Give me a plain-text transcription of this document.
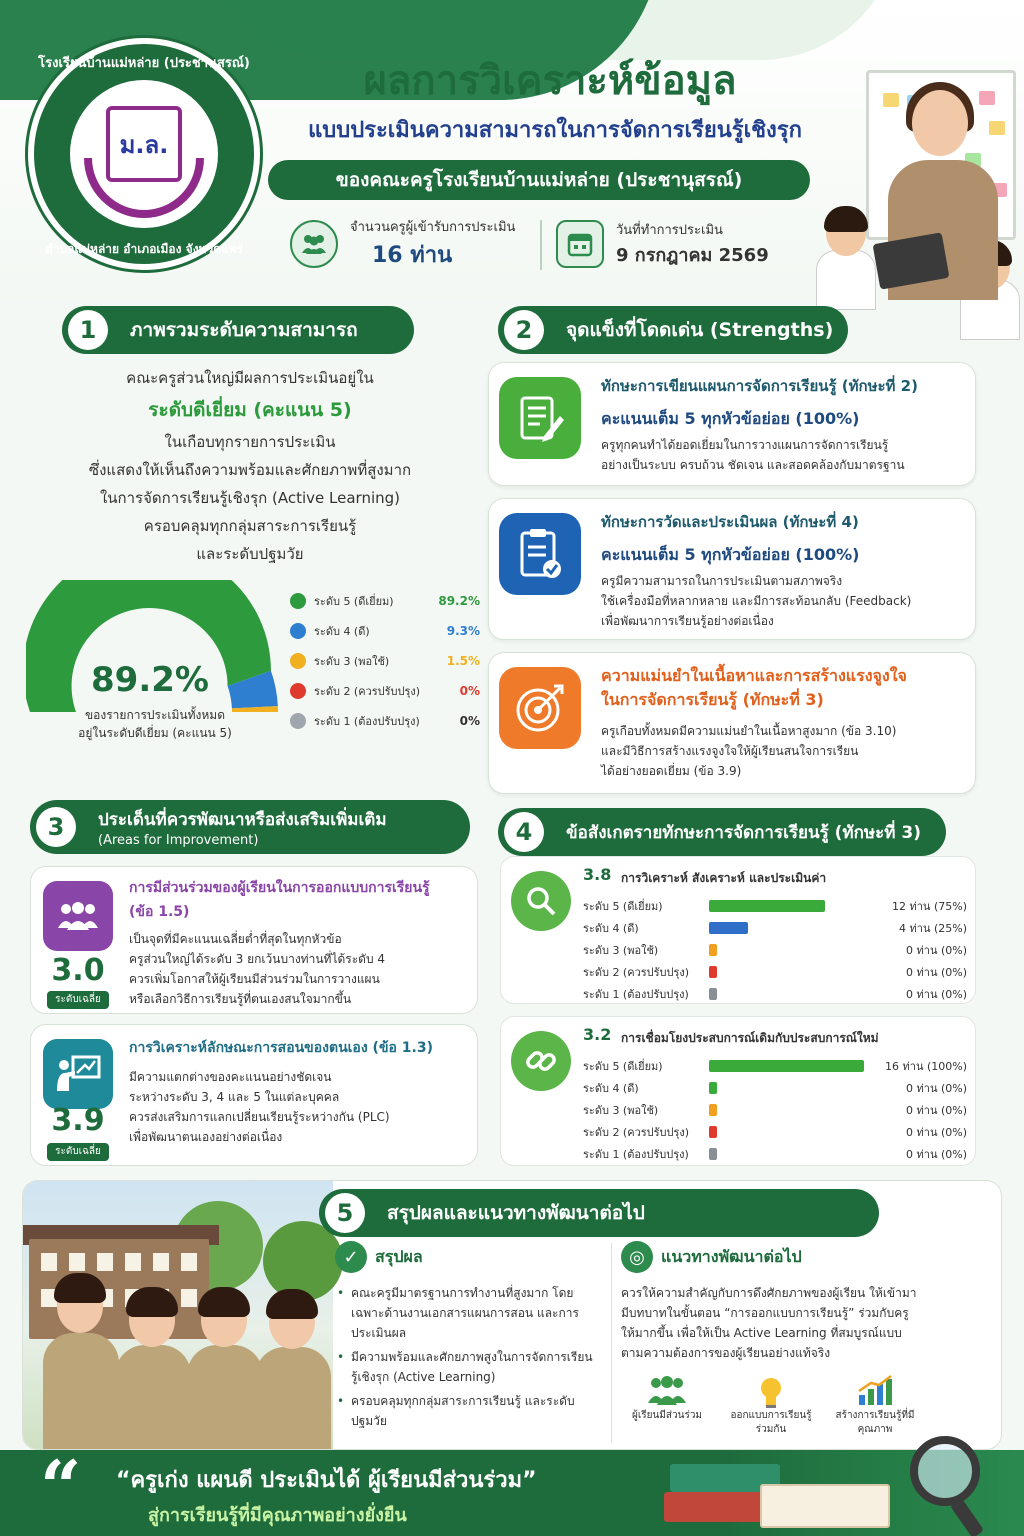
โรงเรียนบ้านแม่หล่าย (ประชานุสรณ์)
ม.ล.
ตำบลแม่หล่าย อำเภอเมือง จังหวัดแพร่
ผลการวิเคราะห์ข้อมูล
แบบประเมินความสามารถในการจัดการเรียนรู้เชิงรุก
ของคณะครูโรงเรียนบ้านแม่หล่าย (ประชานุสรณ์)
จำนวนครูผู้เข้ารับการประเมิน
16 ท่าน
วันที่ทำการประเมิน
9 กรกฎาคม 2569
1	ภาพรวมระดับความสามารถ
คณะครูส่วนใหญ่มีผลการประเมินอยู่ใน
ระดับดีเยี่ยม (คะแนน 5)
ในเกือบทุกรายการประเมิน
ซึ่งแสดงให้เห็นถึงความพร้อมและศักยภาพที่สูงมาก
ในการจัดการเรียนรู้เชิงรุก (Active Learning)
ครอบคลุมทุกกลุ่มสาระการเรียนรู้
และระดับปฐมวัย
89.2%
ของรายการประเมินทั้งหมด
อยู่ในระดับดีเยี่ยม (คะแนน 5)
ระดับ 5 (ดีเยี่ยม)	89.2%
ระดับ 4 (ดี)	9.3%
ระดับ 3 (พอใช้)	1.5%
ระดับ 2 (ควรปรับปรุง)	0%
ระดับ 1 (ต้องปรับปรุง)	0%
2	จุดแข็งที่โดดเด่น (Strengths)
ทักษะการเขียนแผนการจัดการเรียนรู้ (ทักษะที่ 2)
คะแนนเต็ม 5 ทุกหัวข้อย่อย (100%)
ครูทุกคนทำได้ยอดเยี่ยมในการวางแผนการจัดการเรียนรู้
อย่างเป็นระบบ ครบถ้วน ชัดเจน และสอดคล้องกับมาตรฐาน
ทักษะการวัดและประเมินผล (ทักษะที่ 4)
คะแนนเต็ม 5 ทุกหัวข้อย่อย (100%)
ครูมีความสามารถในการประเมินตามสภาพจริง
ใช้เครื่องมือที่หลากหลาย และมีการสะท้อนกลับ (Feedback)
เพื่อพัฒนาการเรียนรู้อย่างต่อเนื่อง
ความแม่นยำในเนื้อหาและการสร้างแรงจูงใจ
ในการจัดการเรียนรู้ (ทักษะที่ 3)
ครูเกือบทั้งหมดมีความแม่นยำในเนื้อหาสูงมาก (ข้อ 3.10)
และมีวิธีการสร้างแรงจูงใจให้ผู้เรียนสนใจการเรียน
ได้อย่างยอดเยี่ยม (ข้อ 3.9)
3	ประเด็นที่ควรพัฒนาหรือส่งเสริมเพิ่มเติม
(Areas for Improvement)
3.0
ระดับเฉลี่ย
การมีส่วนร่วมของผู้เรียนในการออกแบบการเรียนรู้
(ข้อ 1.5)
เป็นจุดที่มีคะแนนเฉลี่ยต่ำที่สุดในทุกหัวข้อ
ครูส่วนใหญ่ได้ระดับ 3 ยกเว้นบางท่านที่ได้ระดับ 4
ควรเพิ่มโอกาสให้ผู้เรียนมีส่วนร่วมในการวางแผน
หรือเลือกวิธีการเรียนรู้ที่ตนเองสนใจมากขึ้น
3.9
ระดับเฉลี่ย
การวิเคราะห์ลักษณะการสอนของตนเอง (ข้อ 1.3)
มีความแตกต่างของคะแนนอย่างชัดเจน
ระหว่างระดับ 3, 4 และ 5 ในแต่ละบุคคล
ควรส่งเสริมการแลกเปลี่ยนเรียนรู้ระหว่างกัน (PLC)
เพื่อพัฒนาตนเองอย่างต่อเนื่อง
4	ข้อสังเกตรายทักษะการจัดการเรียนรู้ (ทักษะที่ 3)
3.8 การวิเคราะห์ สังเคราะห์ และประเมินค่า
ระดับ 5 (ดีเยี่ยม)	12 ท่าน (75%)
ระดับ 4 (ดี)	4 ท่าน (25%)
ระดับ 3 (พอใช้)	0 ท่าน (0%)
ระดับ 2 (ควรปรับปรุง)	0 ท่าน (0%)
ระดับ 1 (ต้องปรับปรุง)	0 ท่าน (0%)
3.2 การเชื่อมโยงประสบการณ์เดิมกับประสบการณ์ใหม่
ระดับ 5 (ดีเยี่ยม)	16 ท่าน (100%)
ระดับ 4 (ดี)	0 ท่าน (0%)
ระดับ 3 (พอใช้)	0 ท่าน (0%)
ระดับ 2 (ควรปรับปรุง)	0 ท่าน (0%)
ระดับ 1 (ต้องปรับปรุง)	0 ท่าน (0%)
5	สรุปผลและแนวทางพัฒนาต่อไป
✓	สรุปผล
• คณะครูมีมาตรฐานการทำงานที่สูงมาก โดยเฉพาะด้านงานเอกสารแผนการสอน และการประเมินผล
• มีความพร้อมและศักยภาพสูงในการจัดการเรียนรู้เชิงรุก (Active Learning)
• ครอบคลุมทุกกลุ่มสาระการเรียนรู้ และระดับปฐมวัย
◎	แนวทางพัฒนาต่อไป
ควรให้ความสำคัญกับการดึงศักยภาพของผู้เรียน ให้เข้ามามีบทบาทในขั้นตอน “การออกแบบการเรียนรู้” ร่วมกับครูให้มากขึ้น เพื่อให้เป็น Active Learning ที่สมบูรณ์แบบตามความต้องการของผู้เรียนอย่างแท้จริง
ผู้เรียนมีส่วนร่วม	ออกแบบการเรียนรู้ร่วมกัน
สร้างการเรียนรู้ที่มีคุณภาพ
“ “ครูเก่ง แผนดี ประเมินได้ ผู้เรียนมีส่วนร่วม”
สู่การเรียนรู้ที่มีคุณภาพอย่างยั่งยืน
